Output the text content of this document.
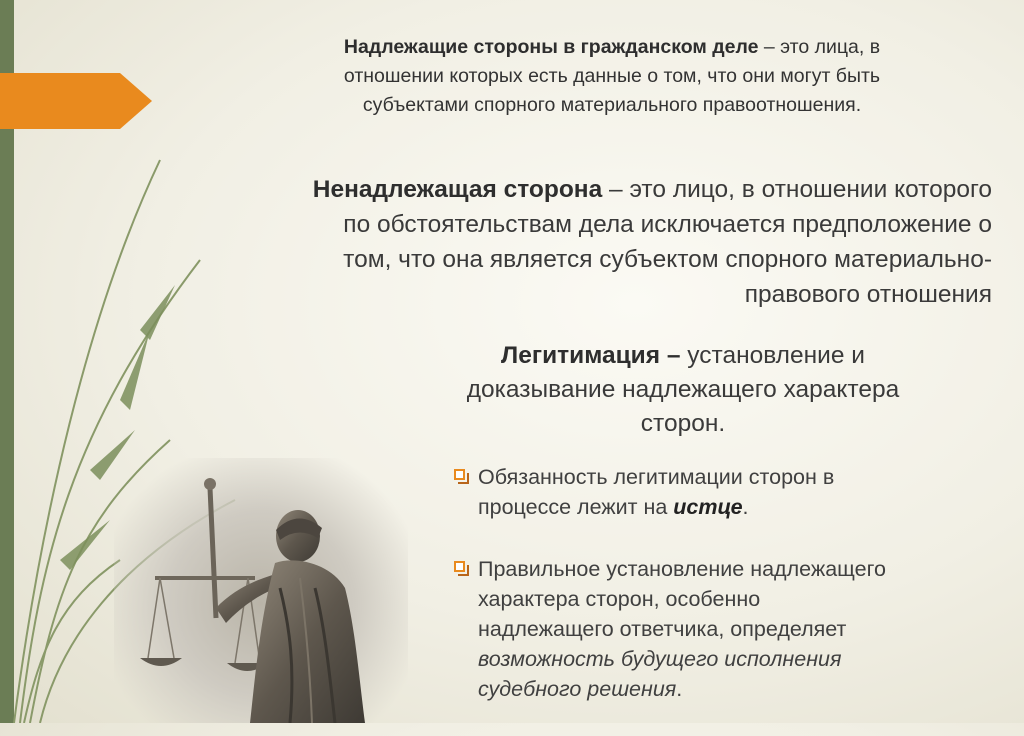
Надлежащие стороны в гражданском деле – это лица, в
отношении которых есть данные о том, что они могут быть
субъектами спорного материального правоотношения.
Ненадлежащая сторона – это лицо, в отношении которого
по обстоятельствам дела исключается предположение о
том, что она является субъектом спорного материально-
правового отношения
Легитимация – установление и
доказывание надлежащего характера
сторон.
Обязанность легитимации сторон в
процессе лежит на истце.
Правильное установление надлежащего
характера сторон, особенно
надлежащего ответчика, определяет
возможность будущего исполнения
судебного решения.
